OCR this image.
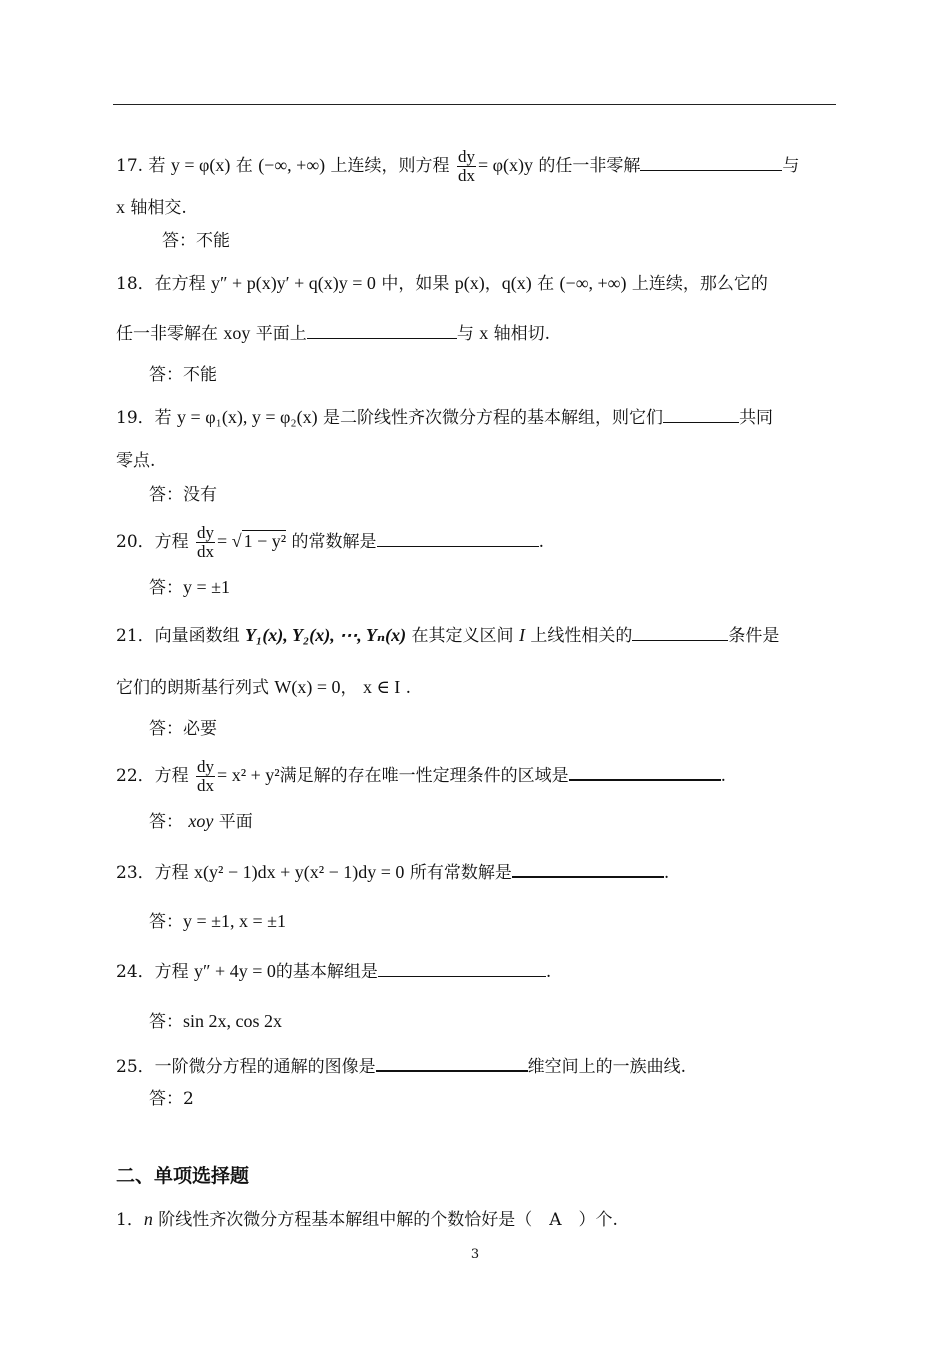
17. 若 y = φ(x) 在 (−∞, +∞) 上连续，则方程 $\frac{dy}{dx} = \varphi(x)y$ 的任一非零解	与
x 轴相交.
答：不能
18．在方程 y″ + p(x)y′ + q(x)y = 0 中，如果 p(x)，q(x) 在 (−∞, +∞) 上连续，那么它的
任一非零解在 xoy 平面上	与 x 轴相切.
答：不能
19．若 y = φ₁(x), y = φ₂(x) 是二阶线性齐次微分方程的基本解组，则它们	共同
零点.
答：没有
20．方程 $\frac{dy}{dx}$ = √ 1 − y² 的常数解是	.
答：y = ±1
21．向量函数组 Y₁(x), Y₂(x), ⋯, Yₙ(x) 在其定义区间 I 上线性相关的	条件是
它们的朗斯基行列式 W(x) = 0， x ∈ I .
答：必要
22．方程 $\frac{dy}{dx} = x^2 + y^2$满足解的存在唯一性定理条件的区域是	.
答： xoy 平面
23．方程 x(y² − 1)dx + y(x² − 1)dy = 0 所有常数解是	.
答：y = ±1, x = ±1
24．方程 y″ + 4y = 0的基本解组是	.
答：sin 2x, cos 2x
25．一阶微分方程的通解的图像是	维空间上的一族曲线.
答：2
二、单项选择题
1．n 阶线性齐次微分方程基本解组中解的个数恰好是（　A　）个.
3
